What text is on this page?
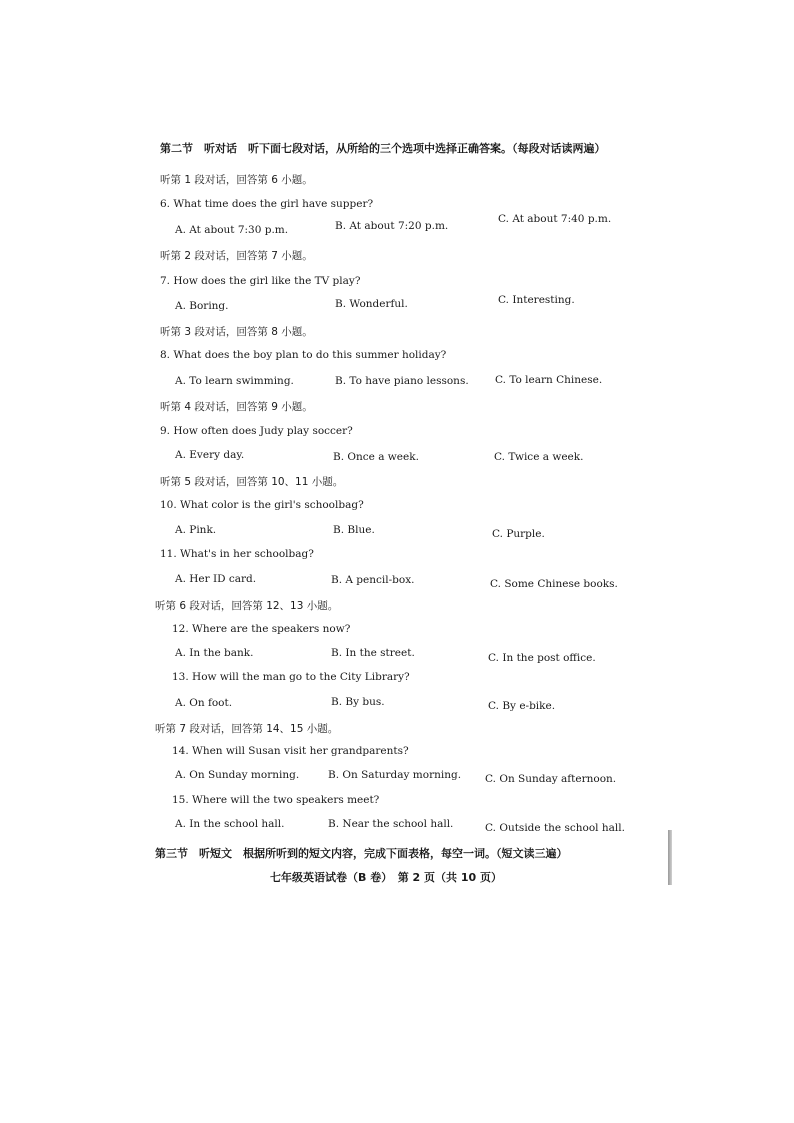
第二节　听对话　听下面七段对话，从所给的三个选项中选择正确答案。（每段对话读两遍）
听第 1 段对话，回答第 6 小题。
6. What time does the girl have supper?
A. At about 7:30 p.m.	B. At about 7:20 p.m.
C. At about 7:40 p.m.
听第 2 段对话，回答第 7 小题。
7. How does the girl like the TV play?
A. Boring.	B. Wonderful.	C. Interesting.
听第 3 段对话，回答第 8 小题。
8. What does the boy plan to do this summer holiday?
A. To learn swimming.	B. To have piano lessons.	C. To learn Chinese.
听第 4 段对话，回答第 9 小题。
9. How often does Judy play soccer?
A. Every day.	B. Once a week.	C. Twice a week.
听第 5 段对话，回答第 10、11 小题。
10. What color is the girl's schoolbag?
A. Pink.	B. Blue.	C. Purple.
11. What's in her schoolbag?
A. Her ID card.	B. A pencil-box.	C. Some Chinese books.
听第 6 段对话，回答第 12、13 小题。
12. Where are the speakers now?
A. In the bank.	B. In the street.	C. In the post office.
13. How will the man go to the City Library?
A. On foot.	B. By bus.	C. By e-bike.
听第 7 段对话，回答第 14、15 小题。
14. When will Susan visit her grandparents?
A. On Sunday morning.	B. On Saturday morning. C. On Sunday afternoon.
15. Where will the two speakers meet?
A. In the school hall.	B. Near the school hall.	C. Outside the school hall.
第三节　听短文　根据所听到的短文内容，完成下面表格，每空一词。（短文读三遍）
七年级英语试卷（B 卷）　第 2 页（共 10 页）
